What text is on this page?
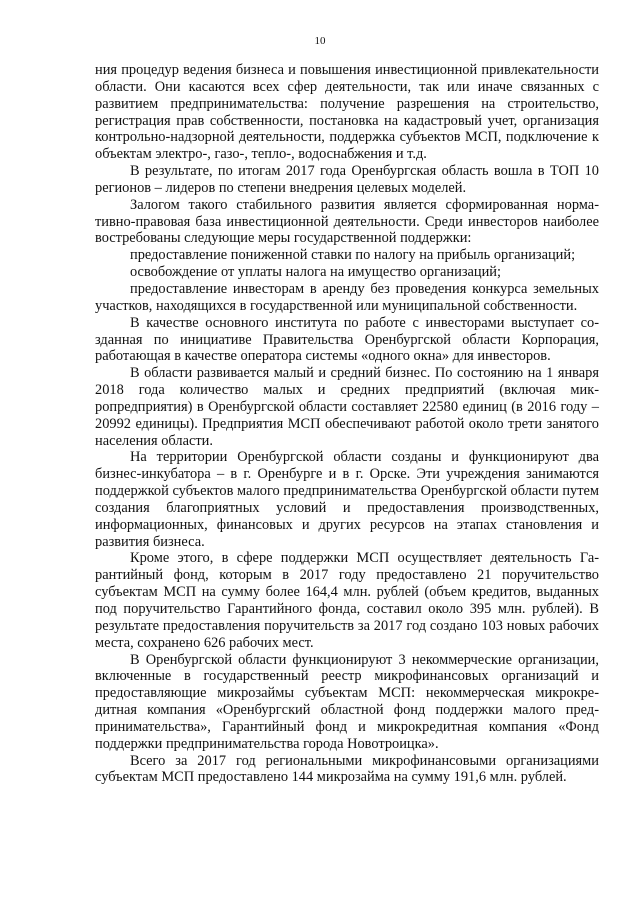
10

ния процедур ведения бизнеса и повышения инвестиционной привлекательности области. Они касаются всех сфер деятельности, так или иначе связанных с развитием предпринимательства: получение разрешения на строительство, регистрация прав собственности, постановка на кадастровый учет, организация контрольно-надзорной деятельности, поддержка субъектов МСП, подключение к объектам электро-, газо-, тепло-, водоснабжения и т.д.

В результате, по итогам 2017 года Оренбургская область вошла в ТОП 10 регионов – лидеров по степени внедрения целевых моделей.

Залогом такого стабильного развития является сформированная нормативно-правовая база инвестиционной деятельности. Среди инвесторов наиболее востребованы следующие меры государственной поддержки:

предоставление пониженной ставки по налогу на прибыль организаций;

освобождение от уплаты налога на имущество организаций;

предоставление инвесторам в аренду без проведения конкурса земельных участков, находящихся в государственной или муниципальной собственности.

В качестве основного института по работе с инвесторами выступает созданная по инициативе Правительства Оренбургской области Корпорация, работающая в качестве оператора системы «одного окна» для инвесторов.

В области развивается малый и средний бизнес. По состоянию на 1 января 2018 года количество малых и средних предприятий (включая микропредприятия) в Оренбургской области составляет 22580 единиц (в 2016 году –20992 единицы). Предприятия МСП обеспечивают работой около трети занятого населения области.

На территории Оренбургской области созданы и функционируют два бизнес-инкубатора – в г. Оренбурге и в г. Орске. Эти учреждения занимаются поддержкой субъектов малого предпринимательства Оренбургской области путем создания благоприятных условий и предоставления производственных, информационных, финансовых и других ресурсов на этапах становления и развития бизнеса.

Кроме этого, в сфере поддержки МСП осуществляет деятельность Гарантийный фонд, которым в 2017 году предоставлено 21 поручительство субъектам МСП на сумму более 164,4 млн. рублей (объем кредитов, выданных под поручительство Гарантийного фонда, составил около 395 млн. рублей). В результате предоставления поручительств за 2017 год создано 103 новых рабочих места, сохранено 626 рабочих мест.

В Оренбургской области функционируют 3 некоммерческие организации, включенные в государственный реестр микрофинансовых организаций и предоставляющие микрозаймы субъектам МСП: некоммерческая микрокредитная компания «Оренбургский областной фонд поддержки малого предпринимательства», Гарантийный фонд и микрокредитная компания «Фонд поддержки предпринимательства города Новотроицка».

Всего за 2017 год региональными микрофинансовыми организациями субъектам МСП предоставлено 144 микрозайма на сумму 191,6 млн. рублей.
